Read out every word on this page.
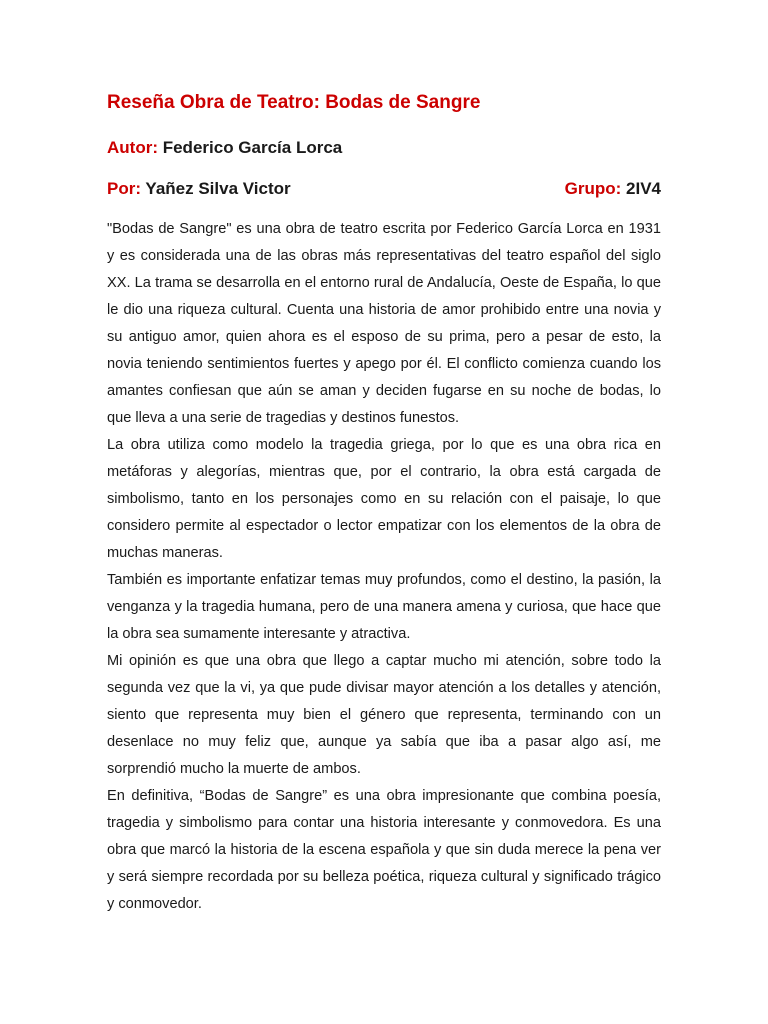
Reseña Obra de Teatro: Bodas de Sangre
Autor: Federico García Lorca
Por: Yañez Silva Victor	Grupo: 2IV4

"Bodas de Sangre" es una obra de teatro escrita por Federico García Lorca en 1931 y es considerada una de las obras más representativas del teatro español del siglo XX. La trama se desarrolla en el entorno rural de Andalucía, Oeste de España, lo que le dio una riqueza cultural. Cuenta una historia de amor prohibido entre una novia y su antiguo amor, quien ahora es el esposo de su prima, pero a pesar de esto, la novia teniendo sentimientos fuertes y apego por él. El conflicto comienza cuando los amantes confiesan que aún se aman y deciden fugarse en su noche de bodas, lo que lleva a una serie de tragedias y destinos funestos.

La obra utiliza como modelo la tragedia griega, por lo que es una obra rica en metáforas y alegorías, mientras que, por el contrario, la obra está cargada de simbolismo, tanto en los personajes como en su relación con el paisaje, lo que considero permite al espectador o lector empatizar con los elementos de la obra de muchas maneras.

También es importante enfatizar temas muy profundos, como el destino, la pasión, la venganza y la tragedia humana, pero de una manera amena y curiosa, que hace que la obra sea sumamente interesante y atractiva.

Mi opinión es que una obra que llego a captar mucho mi atención, sobre todo la segunda vez que la vi, ya que pude divisar mayor atención a los detalles y atención, siento que representa muy bien el género que representa, terminando con un desenlace no muy feliz que, aunque ya sabía que iba a pasar algo así, me sorprendió mucho la muerte de ambos.

En definitiva, “Bodas de Sangre” es una obra impresionante que combina poesía, tragedia y simbolismo para contar una historia interesante y conmovedora. Es una obra que marcó la historia de la escena española y que sin duda merece la pena ver y será siempre recordada por su belleza poética, riqueza cultural y significado trágico y conmovedor.
